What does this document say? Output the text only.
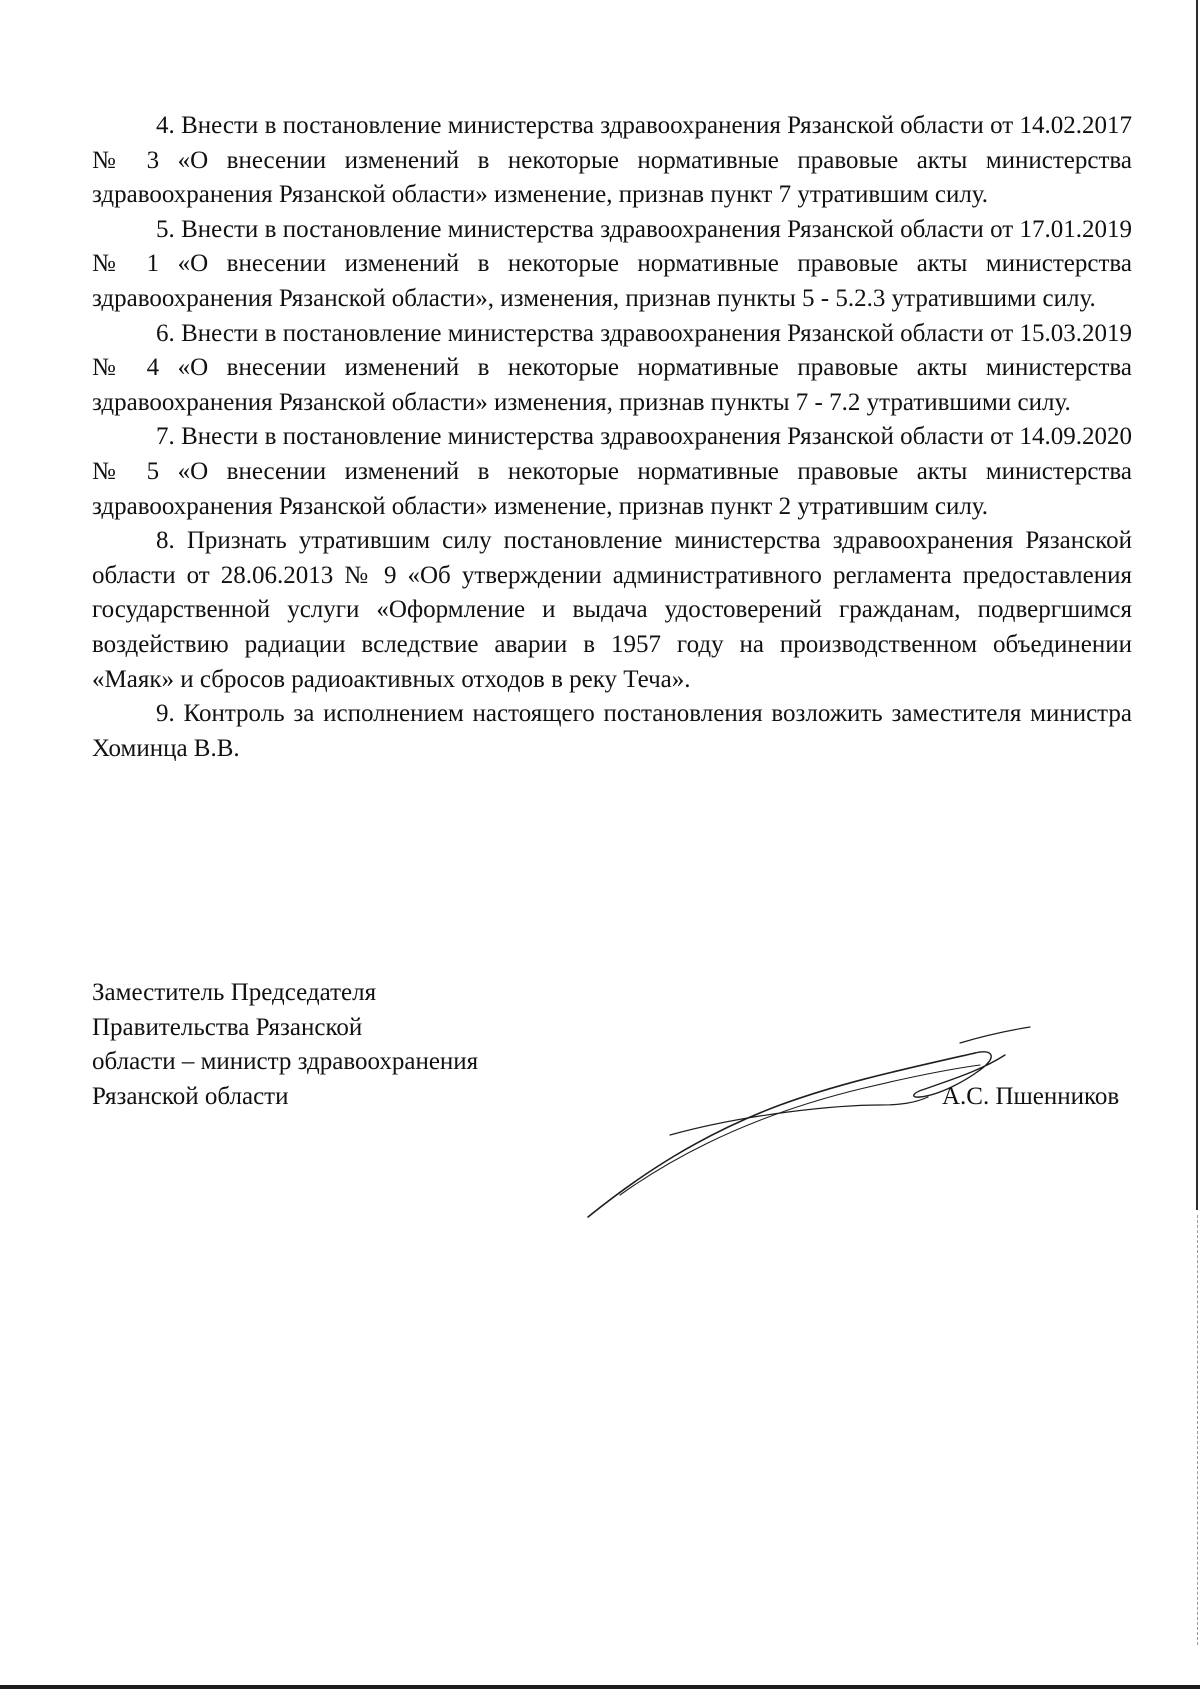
4. Внести в постановление министерства здравоохранения Рязанской области от 14.02.2017 № 3 «О внесении изменений в некоторые нормативные правовые акты министерства здравоохранения Рязанской области» изменение, признав пункт 7 утратившим силу.

5. Внести в постановление министерства здравоохранения Рязанской области от 17.01.2019 № 1 «О внесении изменений в некоторые нормативные правовые акты министерства здравоохранения Рязанской области», изменения, признав пункты 5 - 5.2.3 утратившими силу.

6. Внести в постановление министерства здравоохранения Рязанской области от 15.03.2019 № 4 «О внесении изменений в некоторые нормативные правовые акты министерства здравоохранения Рязанской области» изменения, признав пункты 7 - 7.2 утратившими силу.

7. Внести в постановление министерства здравоохранения Рязанской области от 14.09.2020 № 5 «О внесении изменений в некоторые нормативные правовые акты министерства здравоохранения Рязанской области» изменение, признав пункт 2 утратившим силу.

8. Признать утратившим силу постановление министерства здравоохранения Рязанской области от 28.06.2013 № 9 «Об утверждении административного регламента предоставления государственной услуги «Оформление и выдача удостоверений гражданам, подвергшимся воздействию радиации вследствие аварии в 1957 году на производственном объединении «Маяк» и сбросов радиоактивных отходов в реку Теча».

9. Контроль за исполнением настоящего постановления возложить заместителя министра Хоминца В.В.

Заместитель Председателя
Правительства Рязанской
области – министр здравоохранения
Рязанской области	А.С. Пшенников
